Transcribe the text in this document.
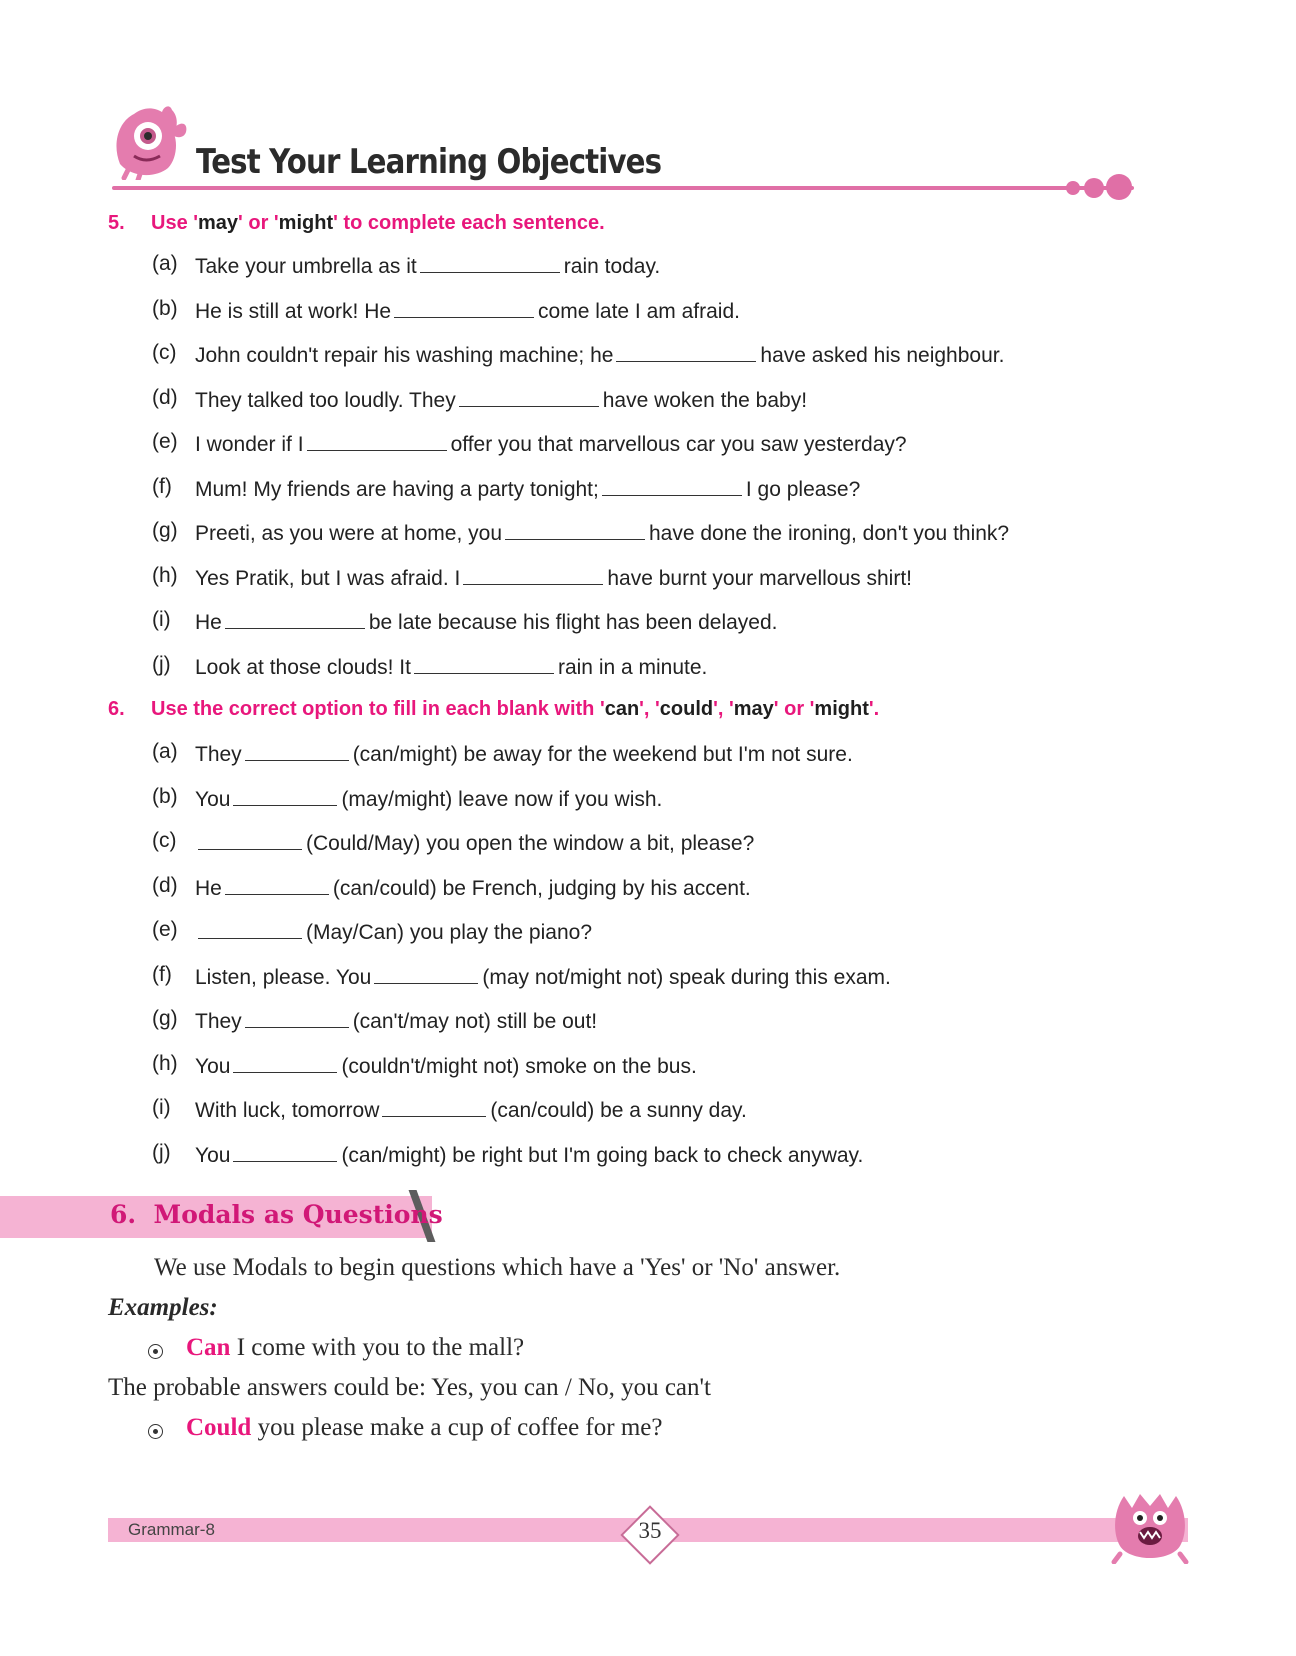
Test Your Learning Objectives
5. Use 'may' or 'might' to complete each sentence.
(a) Take your umbrella as it	rain today.
(b) He is still at work! He	come late I am afraid.
(c) John couldn't repair his washing machine; he	have asked his neighbour.
(d) They talked too loudly. They	have woken the baby!
(e) I wonder if I	offer you that marvellous car you saw yesterday?
(f)	Mum! My friends are having a party tonight;	I go please?
(g) Preeti, as you were at home, you	have done the ironing, don't you think?
(h) Yes Pratik, but I was afraid. I	have burnt your marvellous shirt!
(i)	He	be late because his flight has been delayed.
(j)	Look at those clouds! It	rain in a minute.
6. Use the correct option to fill in each blank with 'can', 'could', 'may' or 'might'.
(a) They	(can/might) be away for the weekend but I'm not sure.
(b) You	(may/might) leave now if you wish.
(c)	(Could/May) you open the window a bit, please?
(d) He	(can/could) be French, judging by his accent.
(e)	(May/Can) you play the piano?
(f)	Listen, please. You	(may not/might not) speak during this exam.
(g) They	(can't/may not) still be out!
(h) You	(couldn't/might not) smoke on the bus.
(i)	With luck, tomorrow	(can/could) be a sunny day.
(j)	You	(can/might) be right but I'm going back to check anyway.
6. Modals as Questions
We use Modals to begin questions which have a 'Yes' or 'No' answer.
Examples:
Can I come with you to the mall?
The probable answers could be: Yes, you can / No, you can't
Could you please make a cup of coffee for me?
Grammar-8	35
